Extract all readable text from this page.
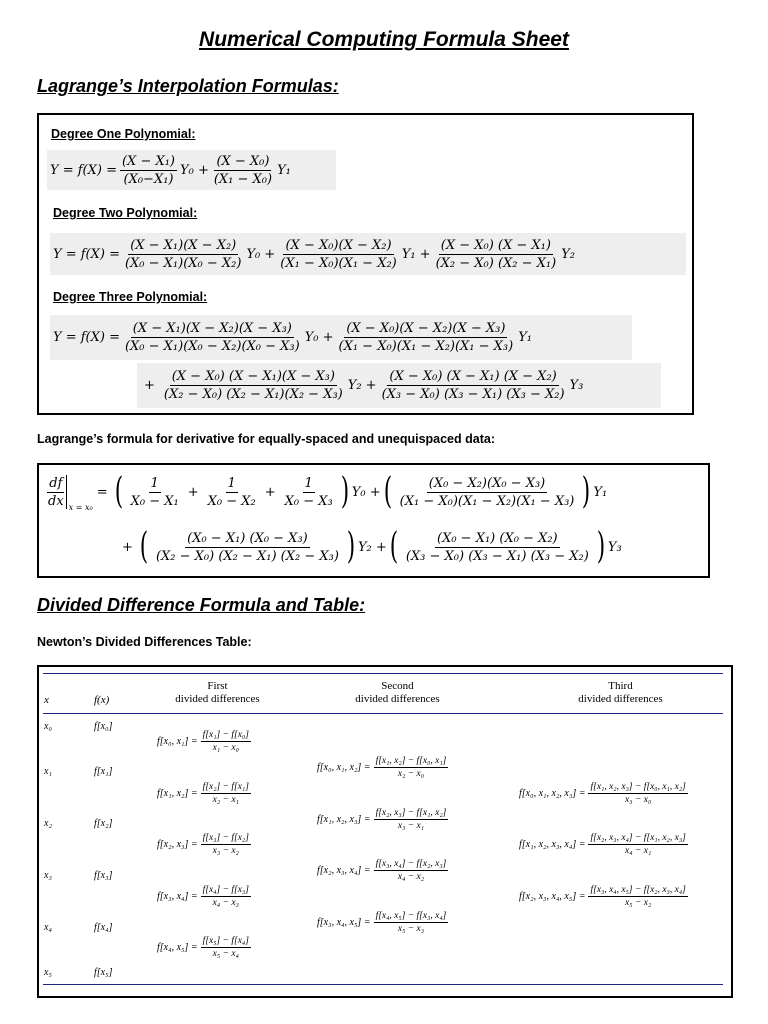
Numerical Computing Formula Sheet
Lagrange’s Interpolation Formulas:
Degree One Polynomial:
$Y = f(X) = \frac{\text{(X − X₁)}}{\text{(X₀−X₁)}} Y_0 + \frac{\text{(X − X₀)}}{\text{(X₁ − X₀)}} Y_1$
Degree Two Polynomial:
$Y = f(X) = \frac{\text{(X − X₁)(X − X₂)}}{\text{(X₀ − X₁)(X₀ − X₂)}} Y_0 + \frac{\text{(X − X₀)(X − X₂)}}{\text{(X₁ − X₀)(X₁ − X₂)}} Y_1 + \frac{\text{(X − X₀) (X − X₁)}}{\text{(X₂ − X₀) (X₂ − X₁)}} Y_2$
Degree Three Polynomial:
$Y = f(X) = \frac{\text{(X − X₁)(X − X₂)(X − X₃)}}{\text{(X₀ − X₁)(X₀ − X₂)(X₀ − X₃)}} Y_0 + \frac{\text{(X − X₀)(X − X₂)(X − X₃)}}{\text{(X₁ − X₀)(X₁ − X₂)(X₁ − X₃)}} Y_1$
+ $\frac{\text{(X − X₀) (X − X₁)(X − X₃)}}{\text{(X₂ − X₀) (X₂ − X₁)(X₂ − X₃)}} Y_2 + \frac{\text{(X − X₀) (X − X₁) (X − X₂)}}{\text{(X₃ − X₀) (X₃ − X₁) (X₃ − X₂)}} Y_3$
Lagrange’s formula for derivative for equally-spaced and unequispaced data:
$\frac{df}{dx}$ x = x₀
= ( $\frac{1}{\text{X₀ − X₁}} + \frac{1}{\text{X₀ − X₂}} + \frac{1}{\text{X₀ − X₃}}$ ) Y₀ + ( $\frac{\text{(X₀ − X₂)(X₀ − X₃)}}{\text{(X₁ − X₀)(X₁ − X₂)(X₁ − X₃)}}$ ) Y₁
+ ( $\frac{\text{(X₀ − X₁) (X₀ − X₃)}}{\text{(X₂ − X₀) (X₂ − X₁) (X₂ − X₃)}}$ ) Y₂ + ( $\frac{\text{(X₀ − X₁) (X₀ − X₂)}}{\text{(X₃ − X₀) (X₃ − X₁) (X₃ − X₂)}}$ ) Y₃
Divided Difference Formula and Table:
Newton’s Divided Differences Table:
x	f(x)
First
divided differences
Second
divided differences
Third
divided differences
x₀
x₁
x₂
x₃
x₄
x₅
f[x₀]
f[x₁]
f[x₂]
f[x₃]
f[x₄]
f[x₅]
f[x₀, $x_1] = \frac{\text{f[x₁] − f[x₀]}}{\text{x₁ − x₀}}$
f[x₁, $x_2] = \frac{\text{f[x₂] − f[x₁]}}{\text{x₂ − x₁}}$
f[x₂, $x_3] = \frac{\text{f[x₃] − f[x₂]}}{\text{x₃ − x₂}}$
f[x₃, $x_4] = \frac{\text{f[x₄] − f[x₃]}}{\text{x₄ − x₃}}$
f[x₄, $x_5] = \frac{\text{f[x₅] − f[x₄]}}{\text{x₅ − x₄}}$
f[x₀, x₁, $x_2] = \frac{\text{f[x₁, x₂] − f[x₀, x₁]}}{\text{x₂ − x₀}}$
f[x₁, x₂, $x_3] = \frac{\text{f[x₂, x₃] − f[x₁, x₂]}}{\text{x₃ − x₁}}$
f[x₂, x₃, $x_4] = \frac{\text{f[x₃, x₄] − f[x₂, x₃]}}{\text{x₄ − x₂}}$
f[x₃, x₄, $x_5] = \frac{\text{f[x₄, x₅] − f[x₃, x₄]}}{\text{x₅ − x₃}}$
f[x₀, x₁, x₂, $x_3] = \frac{\text{f[x₁, x₂, x₃] − f[x₀, x₁, x₂]}}{\text{x₃ − x₀}}$
f[x₁, x₂, x₃, $x_4] = \frac{\text{f[x₂, x₃, x₄] − f[x₁, x₂, x₃]}}{\text{x₄ − x₁}}$
f[x₂, x₃, x₄, $x_5] = \frac{\text{f[x₃, x₄, x₅] − f[x₂, x₃, x₄]}}{\text{x₅ − x₂}}$
